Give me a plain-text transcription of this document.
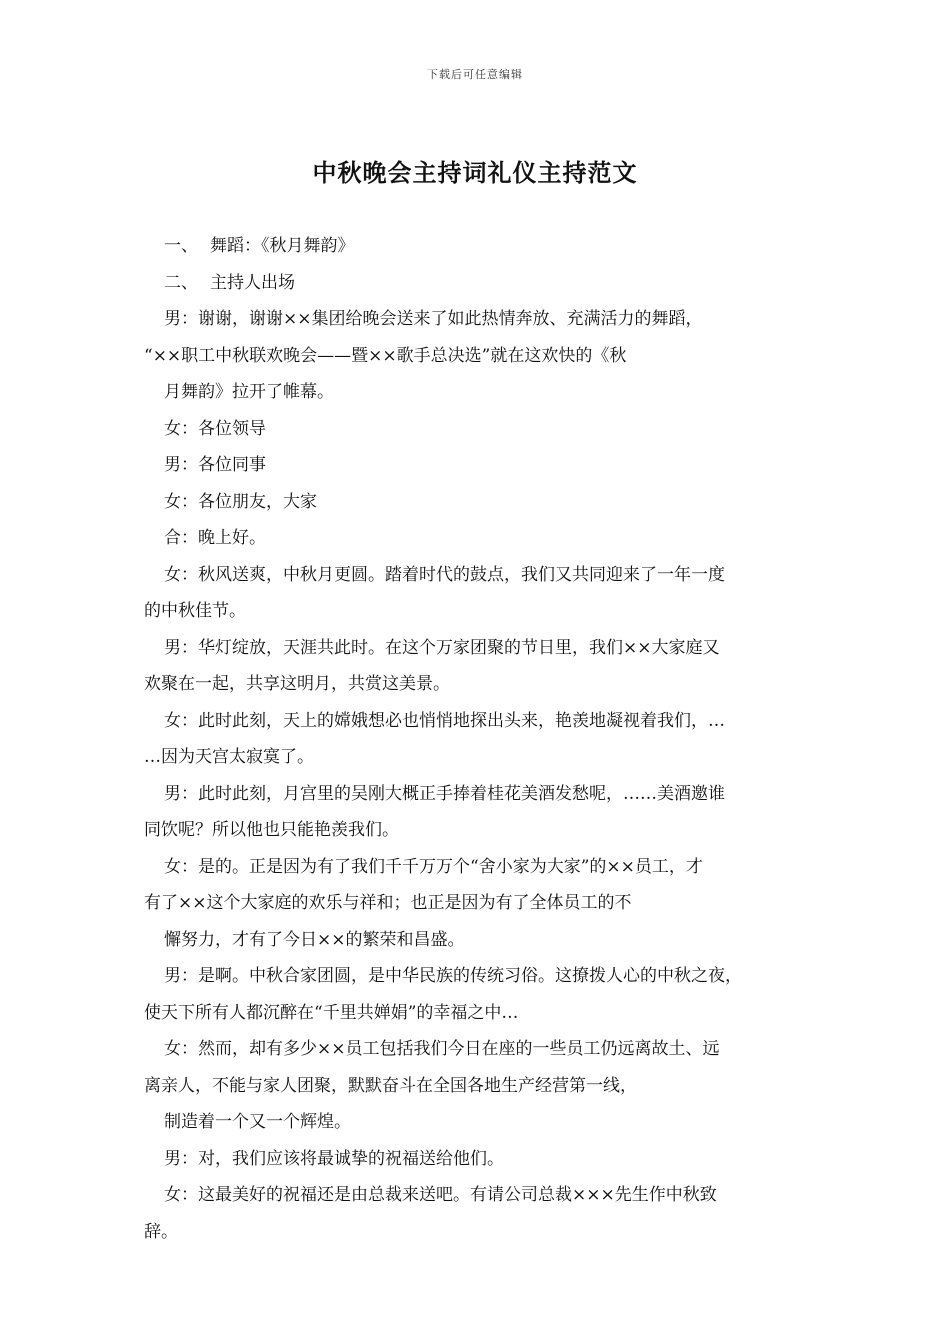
下载后可任意编辑
中秋晚会主持词礼仪主持范文
一、 舞蹈：《秋月舞韵》
二、 主持人出场
男：谢谢，谢谢××集团给晚会送来了如此热情奔放、充满活力的舞蹈，
“××职工中秋联欢晚会——暨××歌手总决选”就在这欢快的《秋
月舞韵》拉开了帷幕。
女：各位领导
男：各位同事
女：各位朋友，大家
合：晚上好。
女：秋风送爽，中秋月更圆。踏着时代的鼓点，我们又共同迎来了一年一度
的中秋佳节。
男：华灯绽放，天涯共此时。在这个万家团聚的节日里，我们××大家庭又
欢聚在一起，共享这明月，共赏这美景。
女：此时此刻，天上的嫦娥想必也悄悄地探出头来，艳羡地凝视着我们，…
…因为天宫太寂寞了。
男：此时此刻，月宫里的吴刚大概正手捧着桂花美酒发愁呢，……美酒邀谁
同饮呢？所以他也只能艳羡我们。
女：是的。正是因为有了我们千千万万个“舍小家为大家”的××员工，才
有了××这个大家庭的欢乐与祥和；也正是因为有了全体员工的不
懈努力，才有了今日××的繁荣和昌盛。
男：是啊。中秋合家团圆，是中华民族的传统习俗。这撩拨人心的中秋之夜，
使天下所有人都沉醉在“千里共婵娟”的幸福之中…
女：然而，却有多少××员工包括我们今日在座的一些员工仍远离故土、远
离亲人，不能与家人团聚，默默奋斗在全国各地生产经营第一线，
制造着一个又一个辉煌。
男：对，我们应该将最诚挚的祝福送给他们。
女：这最美好的祝福还是由总裁来送吧。有请公司总裁×××先生作中秋致
辞。
